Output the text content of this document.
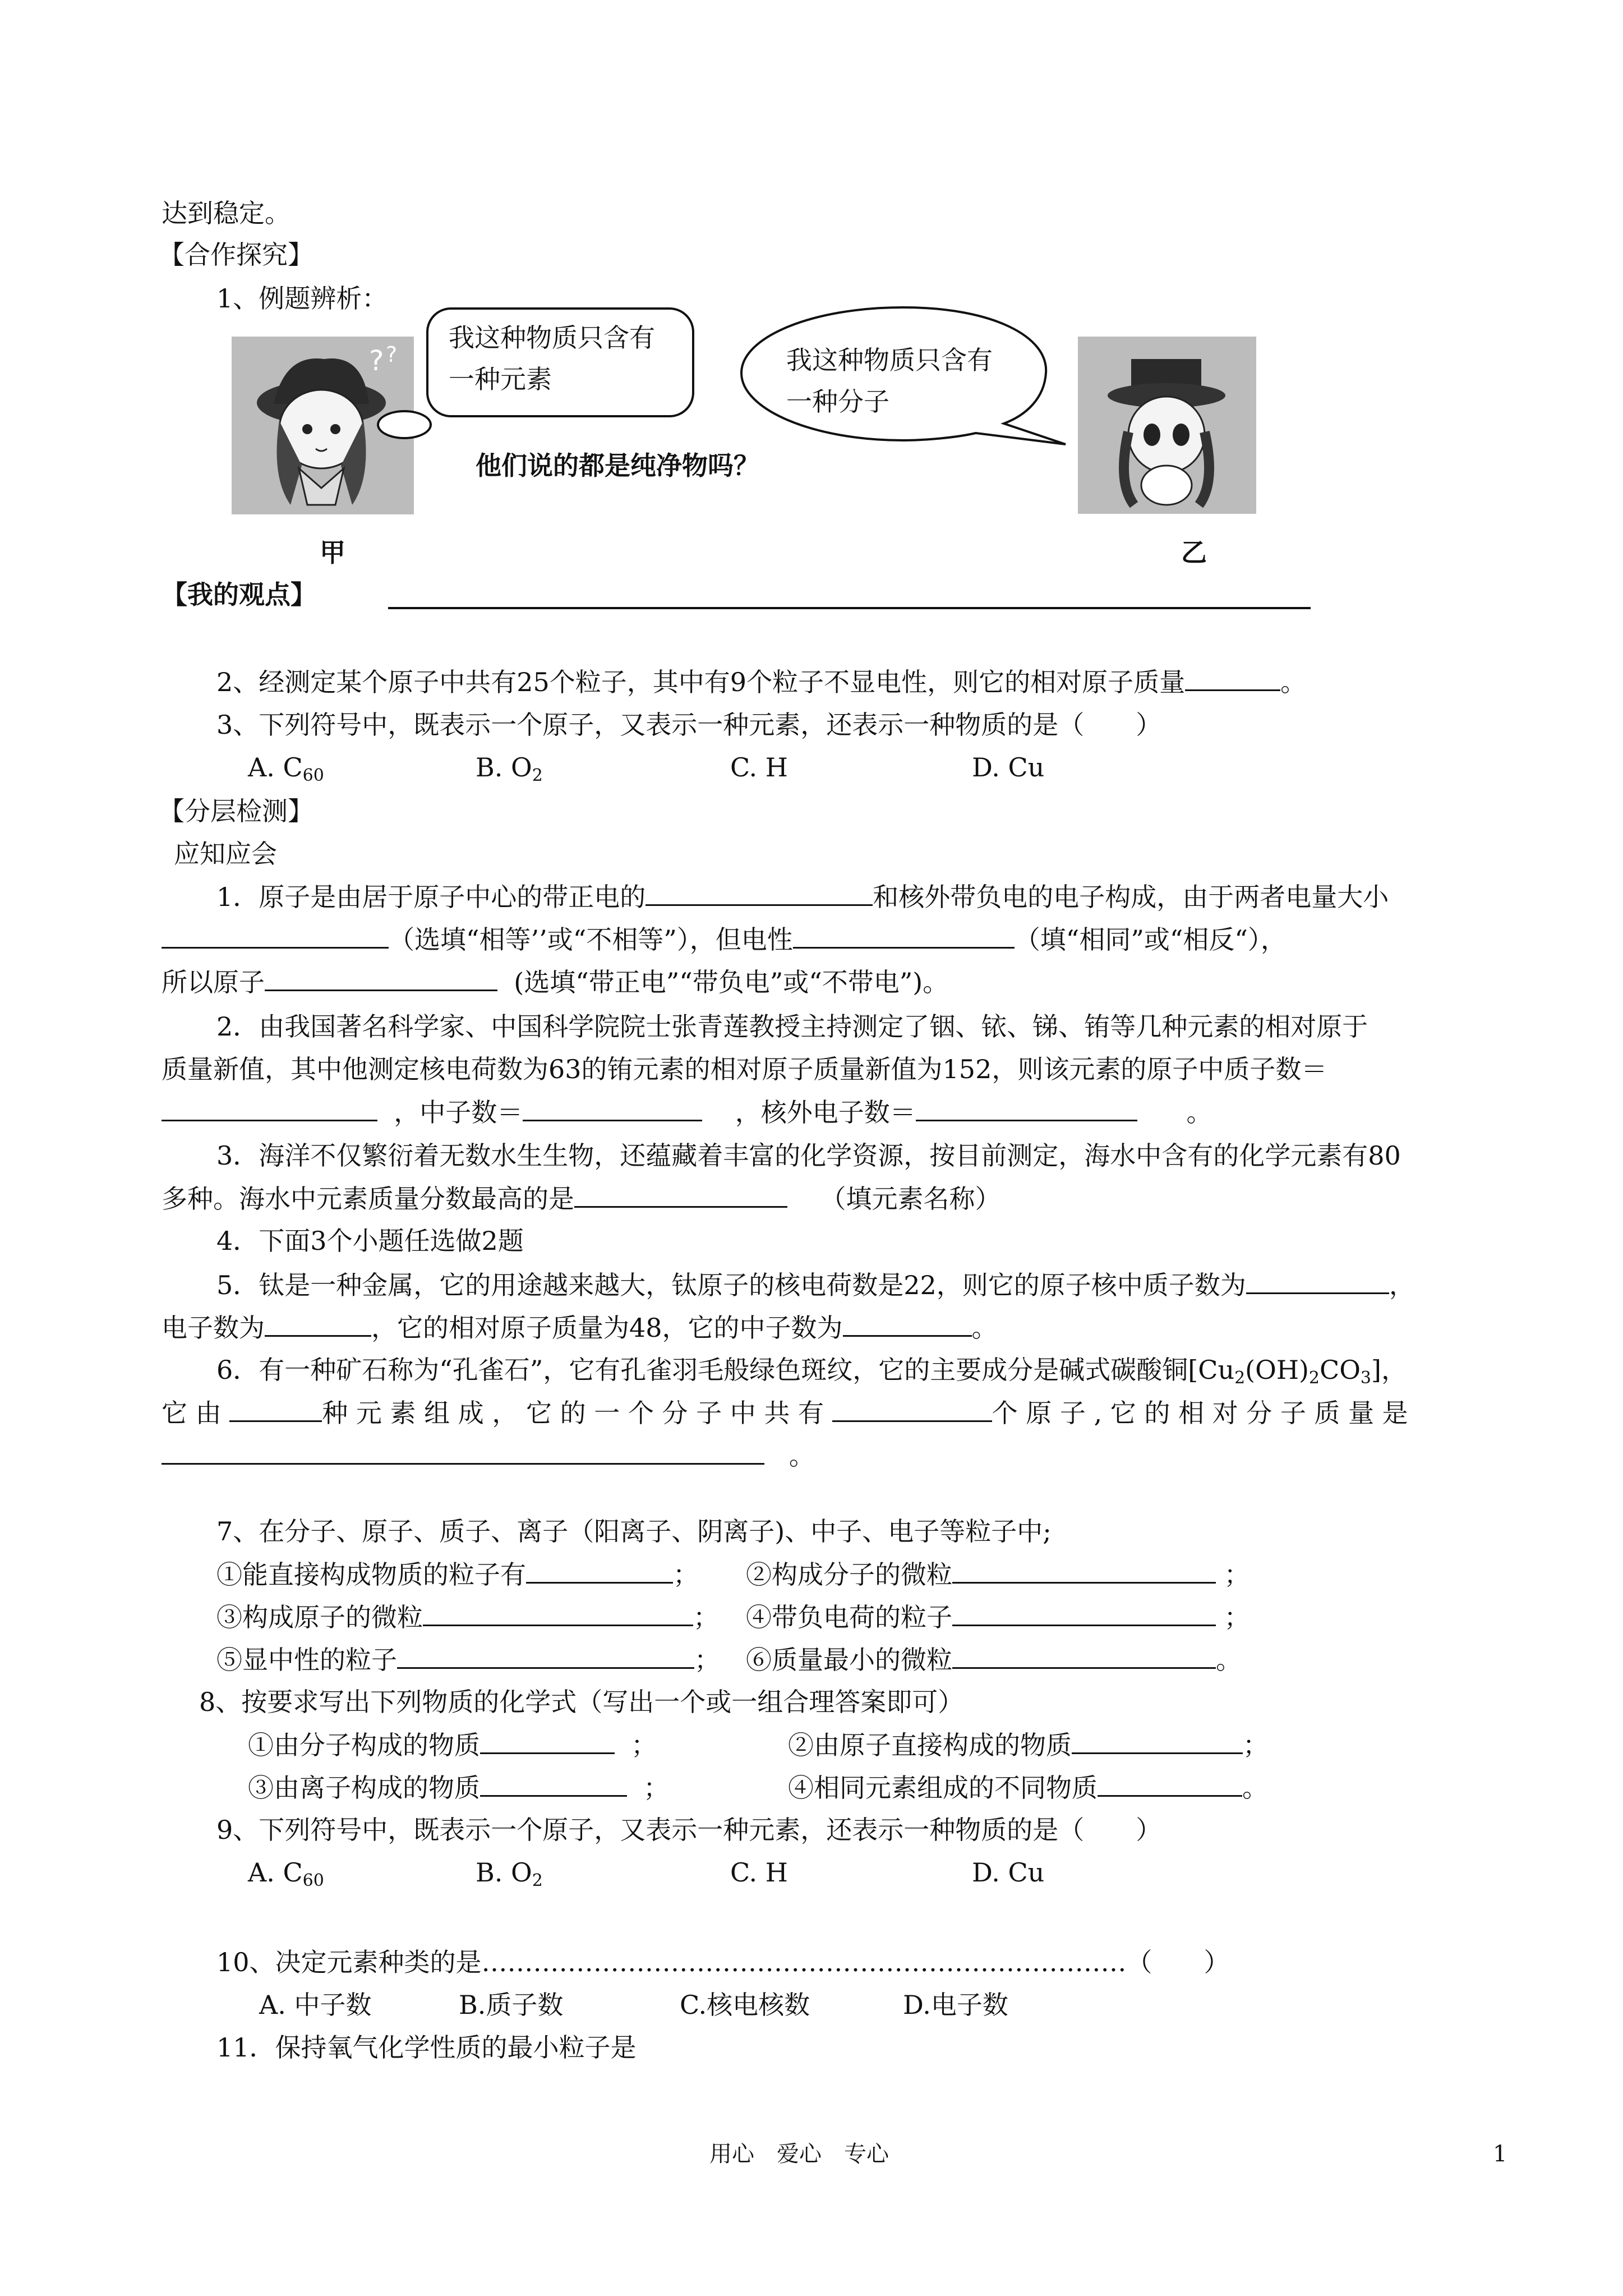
达到稳定。
【合作探究】
1、例题辨析：
? ?
我这种物质只含有
一种元素
我这种物质只含有
一种分子
他们说的都是纯净物吗？
甲	乙
【我的观点】
2、经测定某个原子中共有25个粒子，其中有9个粒子不显电性，则它的相对原子质量	。
3、下列符号中，既表示一个原子，又表示一种元素，还表示一种物质的是（　　）
A. $C_{60}$	B. $O_2$	C. H	D. Cu
【分层检测】
应知应会
1．原子是由居于原子中心的带正电的	和核外带负电的电子构成，由于两者电量大小
（选填“相等’’或“不相等”），但电性	（填“相同”或“相反“），
所以原子	(选填“带正电”“带负电”或“不带电”)。
2．由我国著名科学家、中国科学院院士张青莲教授主持测定了铟、铱、锑、铕等几种元素的相对原于
质量新值，其中他测定核电荷数为63的铕元素的相对原子质量新值为152，则该元素的原子中质子数＝
，中子数＝	，核外电子数＝	。
3．海洋不仅繁衍着无数水生生物，还蕴藏着丰富的化学资源，按目前测定，海水中含有的化学元素有80
多种。海水中元素质量分数最高的是	（填元素名称）
4．下面3个小题任选做2题
5．钛是一种金属，它的用途越来越大，钛原子的核电荷数是22，则它的原子核中质子数为	，
电子数为	，它的相对原子质量为48，它的中子数为	。
6．有一种矿石称为“孔雀石”，它有孔雀羽毛般绿色斑纹，它的主要成分是碱式碳酸铜$[Cu_2(OH)_2CO_3]$，
它 由	种 元 素 组 成 ， 它 的 一 个 分 子 中 共 有	个 原 子 , 它 的 相 对 分 子 质 量 是
。
7、在分子、原子、质子、离子（阳离子、阴离子)、中子、电子等粒子中;
①能直接构成物质的粒子有	； ②构成分子的微粒	；
③构成原子的微粒	； ④带负电荷的粒子	；
⑤显中性的粒子	； ⑥质量最小的微粒	。
8、按要求写出下列物质的化学式（写出一个或一组合理答案即可）
①由分子构成的物质	；	②由原子直接构成的物质	；
③由离子构成的物质	；	④相同元素组成的不同物质	。
9、下列符号中，既表示一个原子，又表示一种元素，还表示一种物质的是（　　）
A. $C_{60}$	B. $O_2$	C. H	D. Cu
10、决定元素种类的是…………………………………………………………………（　　）
A. 中子数	B.质子数	C.核电核数	D.电子数
11．保持氧气化学性质的最小粒子是
用心　爱心　专心	1
